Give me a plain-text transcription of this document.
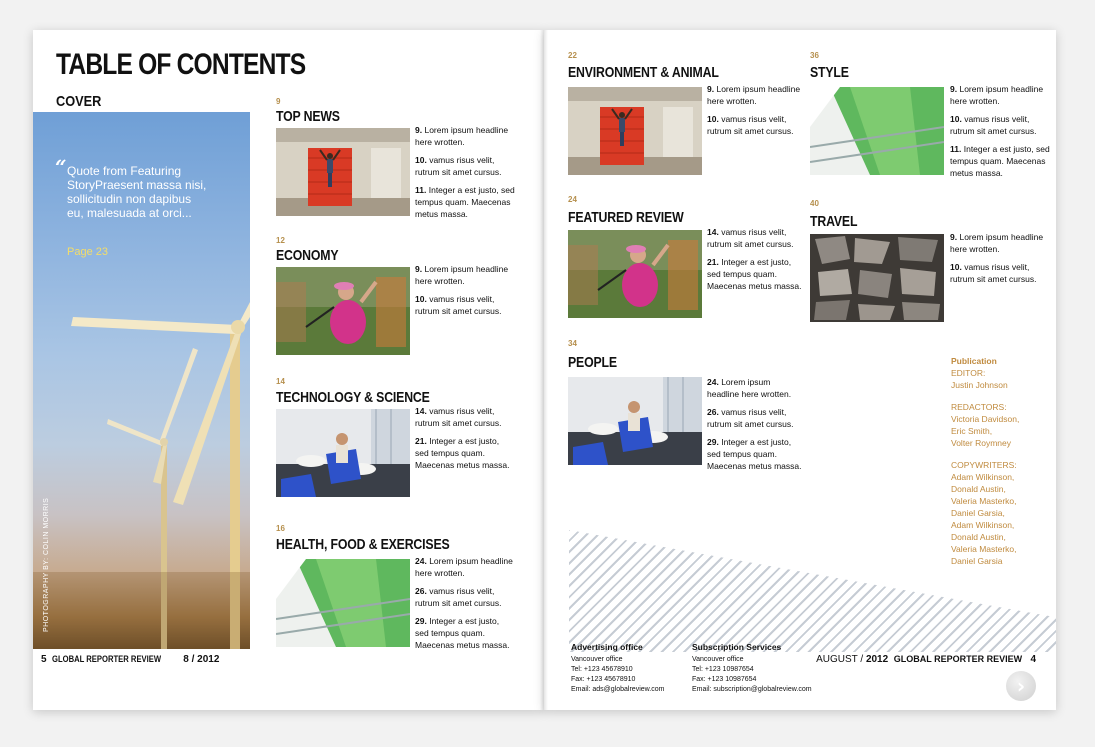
TABLE OF CONTENTS
COVER
“ Quote from Featuring StoryPraesent massa nisi, sollicitudin non dapibus eu, malesuada at orci...
Page 23
PHOTOGRAPHY BY: COLIN MORRIS
9
TOP NEWS
9. Lorem ipsum headline here wrotten.
10. vamus risus velit, rutrum sit amet cursus.
11. Integer a est justo, sed tempus quam. Maecenas metus massa.
12
ECONOMY
9. Lorem ipsum headline here wrotten.
10. vamus risus velit, rutrum sit amet cursus.
14
TECHNOLOGY & SCIENCE
14. vamus risus velit, rutrum sit amet cursus.
21. Integer a est justo, sed tempus quam. Maecenas metus massa.
16
HEALTH, FOOD & EXERCISES
24. Lorem ipsum headline here wrotten.
26. vamus risus velit, rutrum sit amet cursus.
29. Integer a est justo, sed tempus quam. Maecenas metus massa.
5 GLOBAL REPORTER REVIEW 8 / 2012
22
ENVIRONMENT & ANIMAL
9. Lorem ipsum headline here wrotten.
10. vamus risus velit, rutrum sit amet cursus.
24
FEATURED REVIEW
14. vamus risus velit, rutrum sit amet cursus.
21. Integer a est justo, sed tempus quam. Maecenas metus massa.
34
PEOPLE
24. Lorem ipsum headline here wrotten.
26. vamus risus velit, rutrum sit amet cursus.
29. Integer a est justo, sed tempus quam. Maecenas metus massa.
36
STYLE
9. Lorem ipsum headline here wrotten.
10. vamus risus velit, rutrum sit amet cursus.
11. Integer a est justo, sed tempus quam. Maecenas metus massa.
40
TRAVEL
9. Lorem ipsum headline here wrotten.
10. vamus risus velit, rutrum sit amet cursus.
Publication
EDITOR:
Justin Johnson
REDACTORS:
Victoria Davidson,
Eric Smith,
Volter Roymney
COPYWRITERS:
Adam Wilkinson,
Donald Austin,
Valeria Masterko,
Daniel Garsia,
Adam Wilkinson,
Donald Austin,
Valeria Masterko,
Daniel Garsia
Advertising office
Vancouver office
Tel: +123 45678910
Fax: +123 45678910
Email: ads@globalreview.com
Subscription Services
Vancouver office
Tel: +123 10987654
Fax: +123 10987654
Email: subscription@globalreview.com
AUGUST / 2012 GLOBAL REPORTER REVIEW 4
›
